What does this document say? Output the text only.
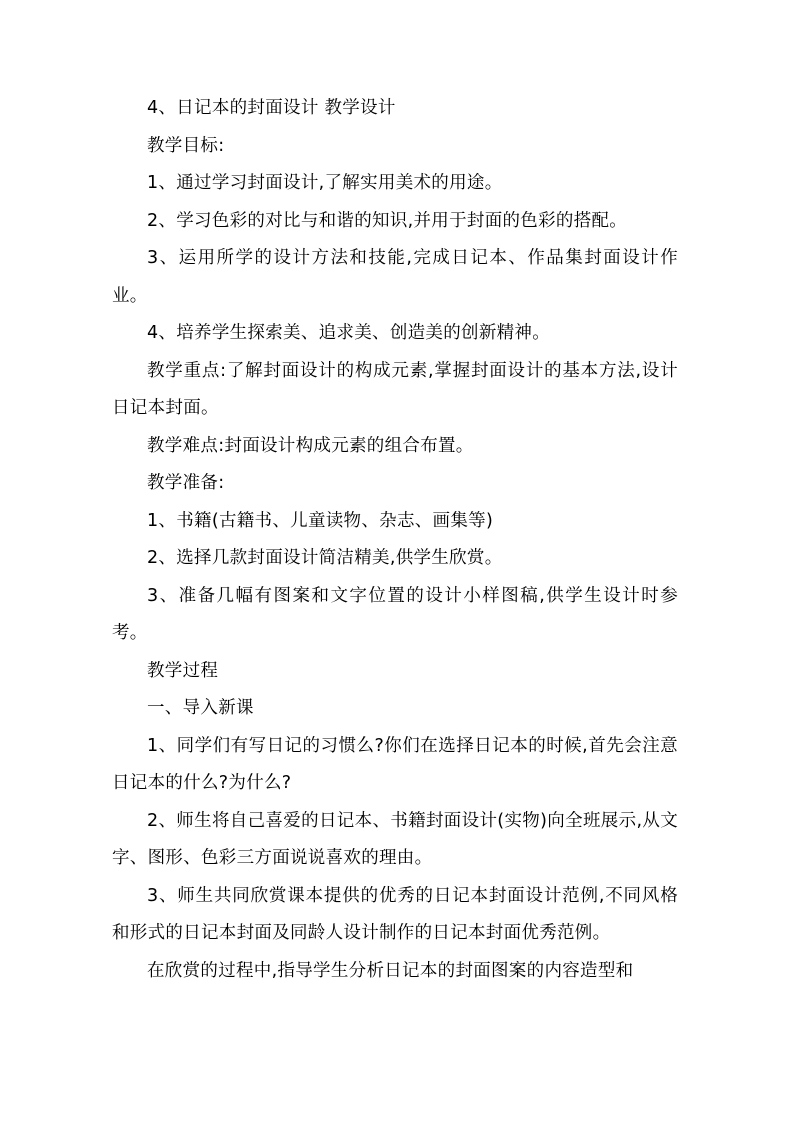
4、日记本的封面设计 教学设计

教学目标:

1、通过学习封面设计,了解实用美术的用途。

2、学习色彩的对比与和谐的知识,并用于封面的色彩的搭配。

3、运用所学的设计方法和技能,完成日记本、作品集封面设计作业。

4、培养学生探索美、追求美、创造美的创新精神。

教学重点:了解封面设计的构成元素,掌握封面设计的基本方法,设计日记本封面。

教学难点:封面设计构成元素的组合布置。

教学准备:

1、书籍(古籍书、儿童读物、杂志、画集等)

2、选择几款封面设计简洁精美,供学生欣赏。

3、准备几幅有图案和文字位置的设计小样图稿,供学生设计时参考。

教学过程

一、导入新课

1、同学们有写日记的习惯么?你们在选择日记本的时候,首先会注意日记本的什么?为什么?

2、师生将自己喜爱的日记本、书籍封面设计(实物)向全班展示,从文字、图形、色彩三方面说说喜欢的理由。

3、师生共同欣赏课本提供的优秀的日记本封面设计范例,不同风格和形式的日记本封面及同龄人设计制作的日记本封面优秀范例。

在欣赏的过程中,指导学生分析日记本的封面图案的内容造型和
